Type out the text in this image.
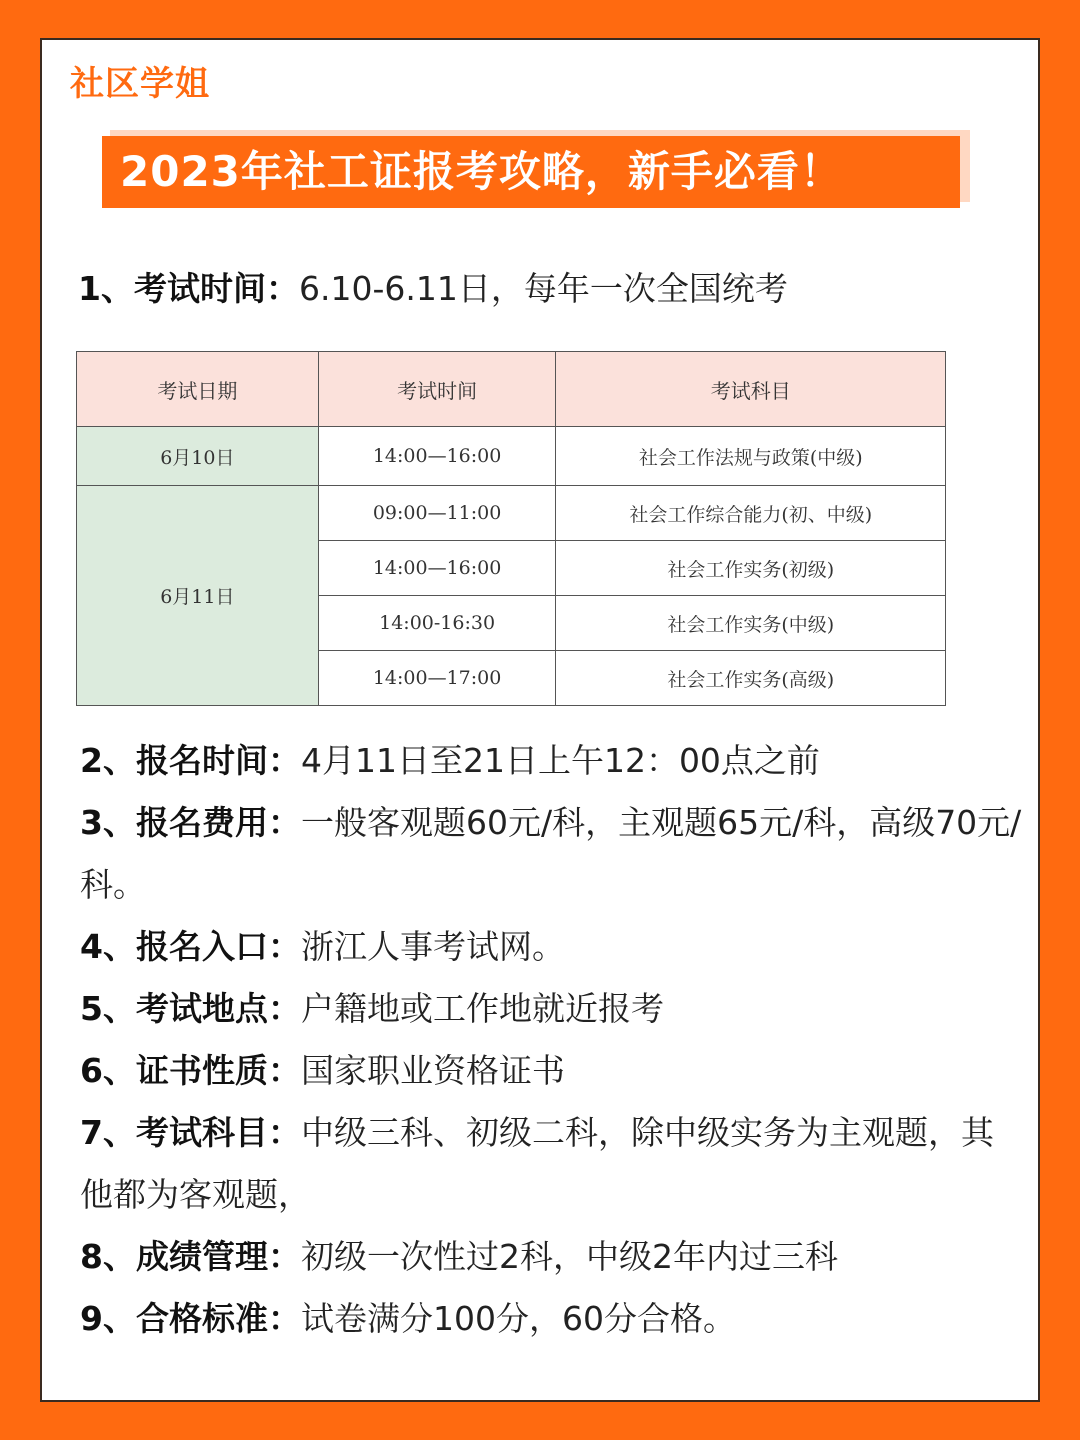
社区学姐
2023年社工证报考攻略，新手必看！
1、考试时间：6.10-6.11日，每年一次全国统考
考试日期	考试时间	考试科目
6月10日	14:00—16:00	社会工作法规与政策(中级)
6月11日	09:00—11:00	社会工作综合能力(初、中级)
	14:00—16:00	社会工作实务(初级)
	14:00-16:30	社会工作实务(中级)
	14:00—17:00	社会工作实务(高级)
2、报名时间：4月11日至21日上午12：00点之前
3、报名费用：一般客观题60元/科，主观题65元/科，高级70元/科。
4、报名入口：浙江人事考试网。
5、考试地点：户籍地或工作地就近报考
6、证书性质：国家职业资格证书
7、考试科目：中级三科、初级二科，除中级实务为主观题，其他都为客观题，
8、成绩管理：初级一次性过2科，中级2年内过三科
9、合格标准：试卷满分100分，60分合格。
